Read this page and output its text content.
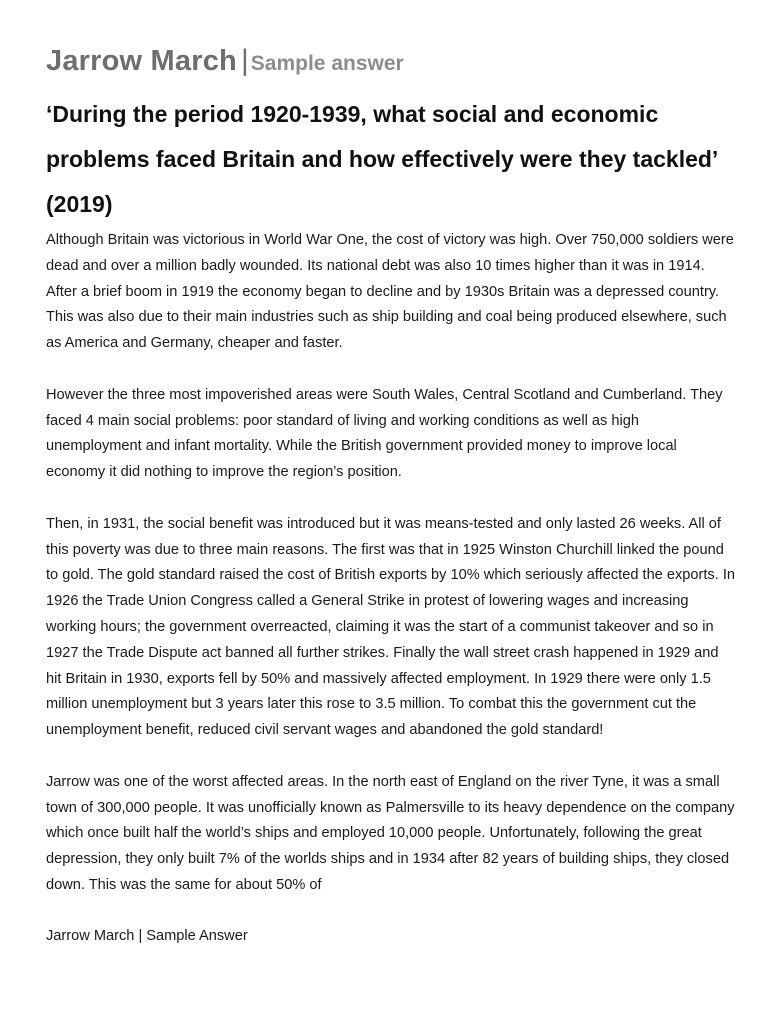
Jarrow March |Sample answer
‘During the period 1920-1939, what social and economic problems faced Britain and how effectively were they tackled’ (2019)

Although Britain was victorious in World War One, the cost of victory was high. Over 750,000 soldiers were dead and over a million badly wounded. Its national debt was also 10 times higher than it was in 1914. After a brief boom in 1919 the economy began to decline and by 1930s Britain was a depressed country. This was also due to their main industries such as ship building and coal being produced elsewhere, such as America and Germany, cheaper and faster.

However the three most impoverished areas were South Wales, Central Scotland and Cumberland. They faced 4 main social problems: poor standard of living and working conditions as well as high unemployment and infant mortality. While the British government provided money to improve local economy it did nothing to improve the region’s position.

Then, in 1931, the social benefit was introduced but it was means-tested and only lasted 26 weeks. All of this poverty was due to three main reasons. The first was that in 1925 Winston Churchill linked the pound to gold. The gold standard raised the cost of British exports by 10% which seriously affected the exports. In 1926 the Trade Union Congress called a General Strike in protest of lowering wages and increasing working hours; the government overreacted, claiming it was the start of a communist takeover and so in 1927 the Trade Dispute act banned all further strikes. Finally the wall street crash happened in 1929 and hit Britain in 1930, exports fell by 50% and massively affected employment. In 1929 there were only 1.5 million unemployment but 3 years later this rose to 3.5 million. To combat this the government cut the unemployment benefit, reduced civil servant wages and abandoned the gold standard!

Jarrow was one of the worst affected areas. In the north east of England on the river Tyne, it was a small town of 300,000 people. It was unofficially known as Palmersville to its heavy dependence on the company which once built half the world’s ships and employed 10,000 people. Unfortunately, following the great depression, they only built 7% of the worlds ships and in 1934 after 82 years of building ships, they closed down. This was the same for about 50% of

Jarrow March | Sample Answer
